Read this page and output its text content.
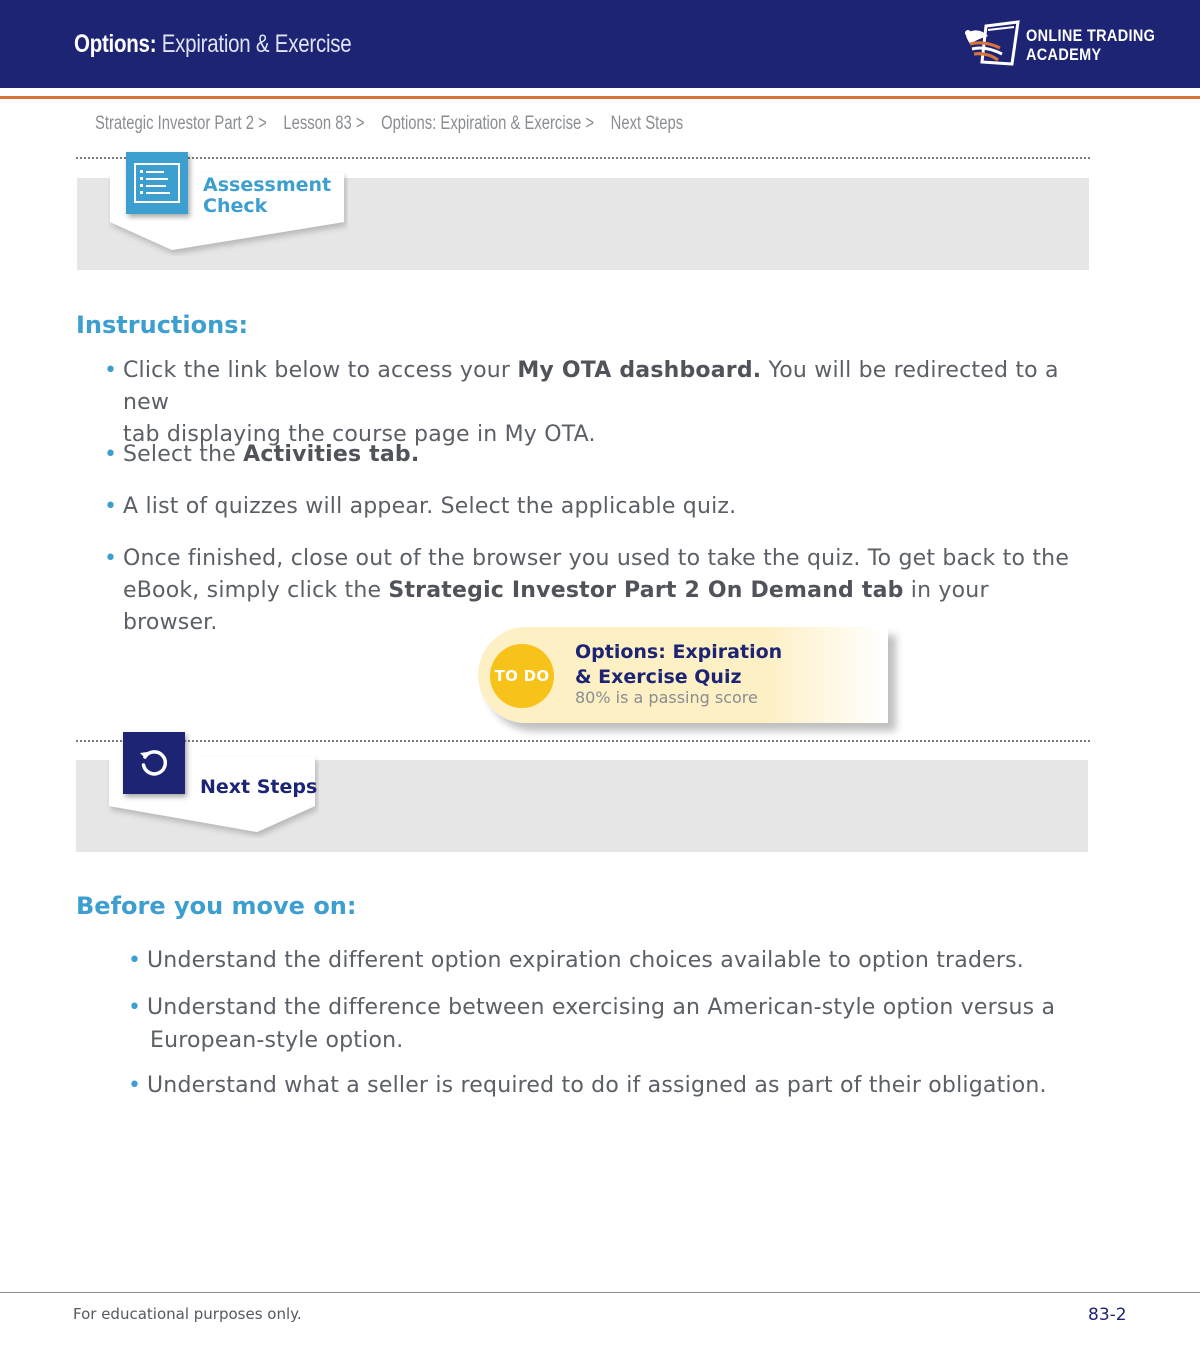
Options: Expiration & Exercise	ONLINE TRADING
ACADEMY
Strategic Investor Part 2 > Lesson 83 > Options: Expiration & Exercise > Next Steps
Assessment
Check
Instructions:
• Click the link below to access your My OTA dashboard. You will be redirected to a new
tab displaying the course page in My OTA.
• Select the Activities tab.
• A list of quizzes will appear. Select the applicable quiz.
• Once finished, close out of the browser you used to take the quiz. To get back to the
eBook, simply click the Strategic Investor Part 2 On Demand tab in your browser.
TO DO
Options: Expiration
& Exercise Quiz
80% is a passing score
Next Steps
Before you move on:
• Understand the different option expiration choices available to option traders.
• Understand the difference between exercising an American-style option versus a
European-style option.
• Understand what a seller is required to do if assigned as part of their obligation.
For educational purposes only.	83-2
